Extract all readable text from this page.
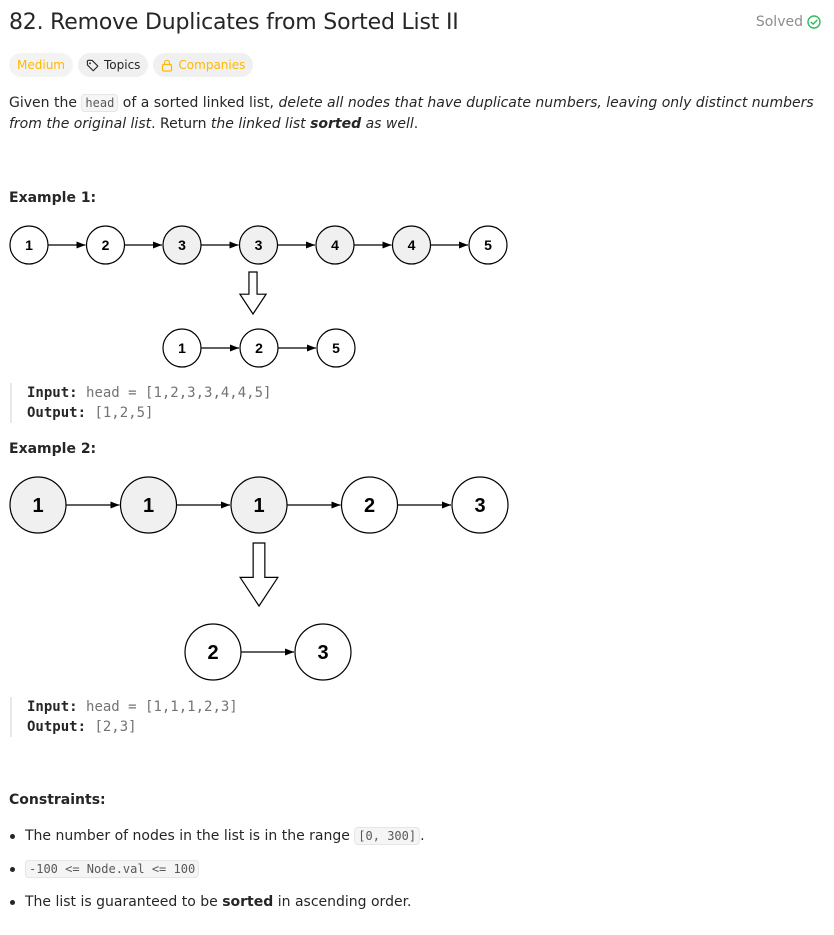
82. Remove Duplicates from Sorted List II	Solved
Medium	Topics	Companies
Given the head of a sorted linked list, delete all nodes that have duplicate numbers, leaving only distinct numbers from the original list. Return the linked list sorted as well.
Example 1:
1	2	3	3	4	4	5
1	2	5
Input: head = [1,2,3,3,4,4,5]
Output: [1,2,5]
Example 2:
1	1	1	2	3
2	3
Input: head = [1,1,1,2,3]
Output: [2,3]
Constraints:
The number of nodes in the list is in the range [0, 300] .
-100 <= Node.val <= 100
The list is guaranteed to be sorted in ascending order.
